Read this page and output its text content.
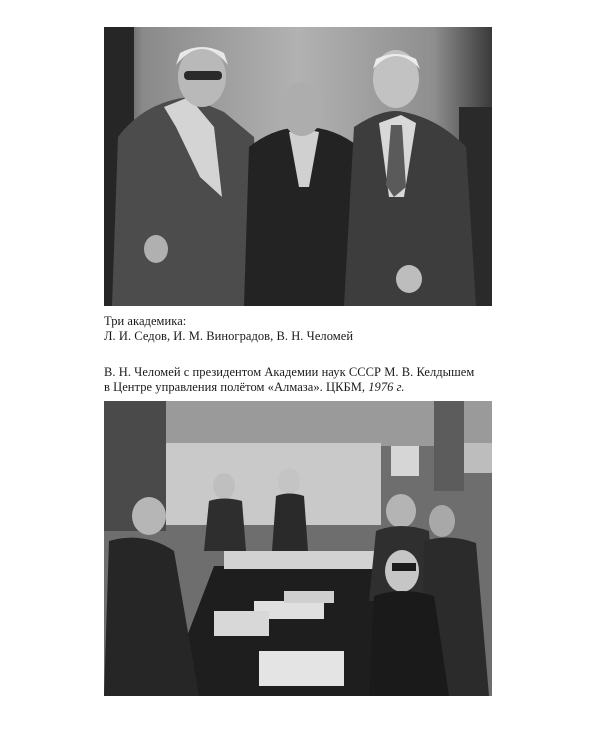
Три академика:
Л. И. Седов, И. М. Виноградов, В. Н. Челомей
В. Н. Челомей с президентом Академии наук СССР М. В. Келдышем
в Центре управления полётом «Алмаза». ЦКБМ, 1976 г.
